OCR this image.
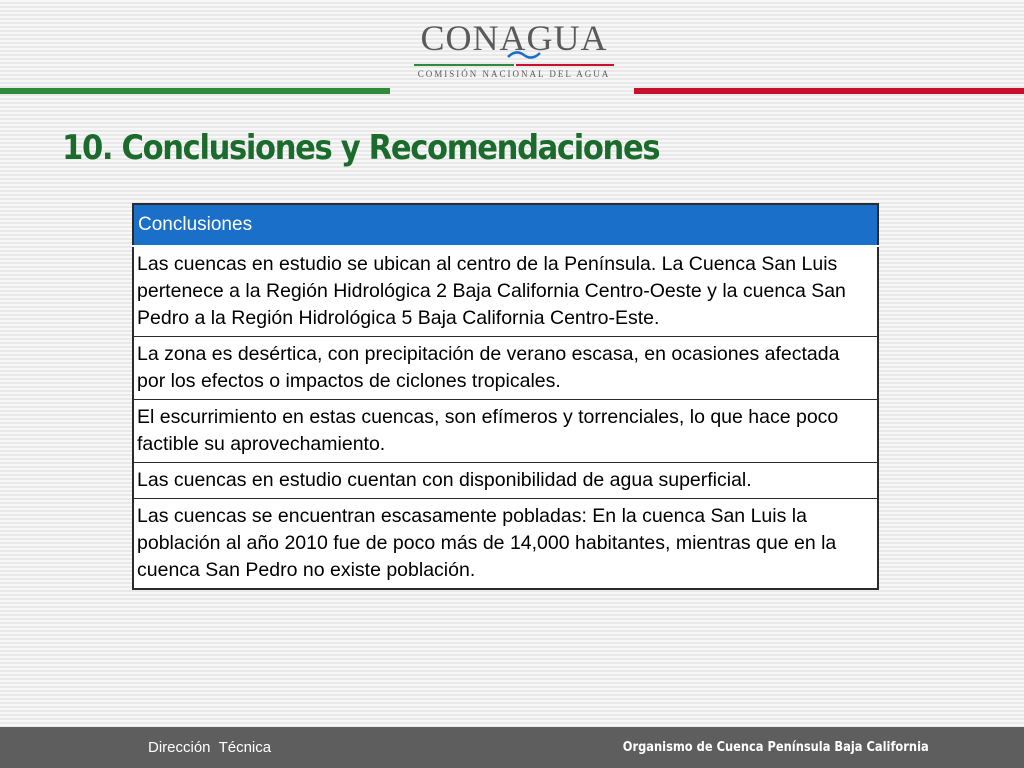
CONAGUA
COMISIÓN NACIONAL DEL AGUA
10. Conclusiones y Recomendaciones
Conclusiones
Las cuencas en estudio se ubican al centro de la Península. La Cuenca San Luis pertenece a la Región Hidrológica 2 Baja California Centro-Oeste y la cuenca San Pedro a la Región Hidrológica 5 Baja California Centro-Este.
La zona es desértica, con precipitación de verano escasa, en ocasiones afectada por los efectos o impactos de ciclones tropicales.
El escurrimiento en estas cuencas, son efímeros y torrenciales, lo que hace poco factible su aprovechamiento.
Las cuencas en estudio cuentan con disponibilidad de agua superficial.
Las cuencas se encuentran escasamente pobladas: En la cuenca San Luis la población al año 2010 fue de poco más de 14,000 habitantes, mientras que en la cuenca San Pedro no existe población.
Dirección  Técnica	Organismo de Cuenca Península Baja California
